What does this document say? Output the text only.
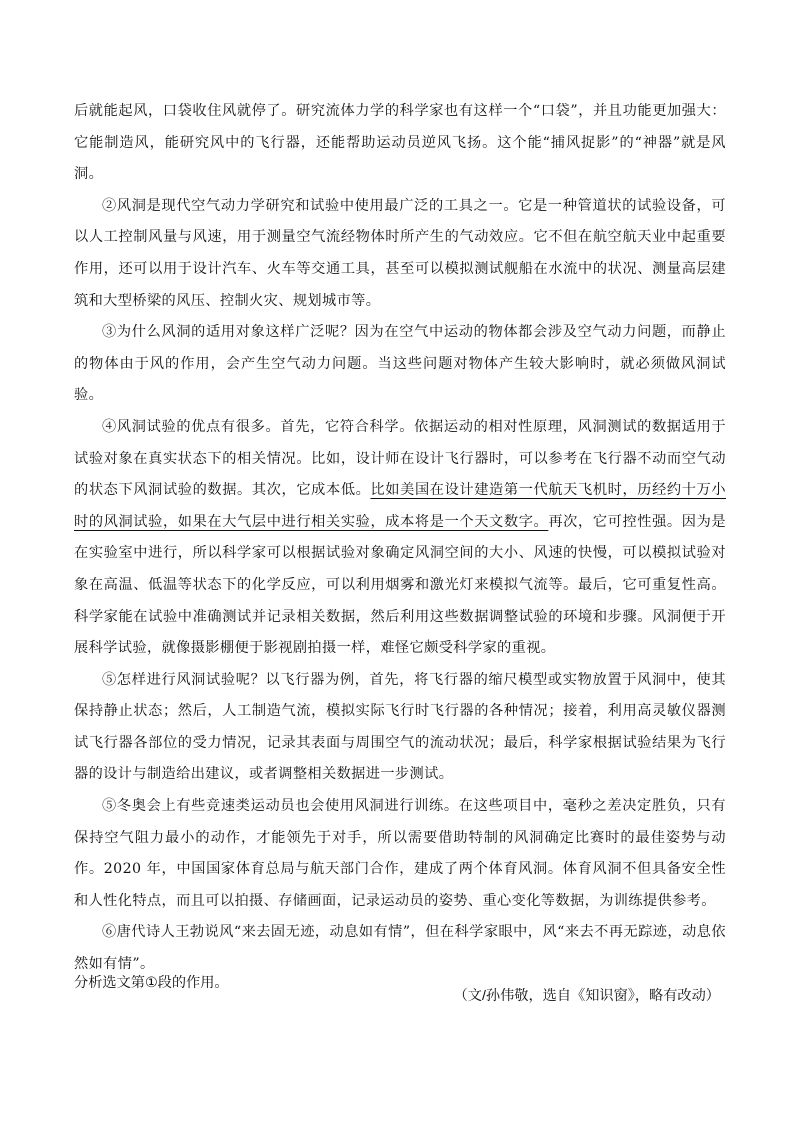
后就能起风，口袋收住风就停了。研究流体力学的科学家也有这样一个“口袋”，并且功能更加强大：它能制造风，能研究风中的飞行器，还能帮助运动员逆风飞扬。这个能“捕风捉影”的“神器”就是风洞。

②风洞是现代空气动力学研究和试验中使用最广泛的工具之一。它是一种管道状的试验设备，可以人工控制风量与风速，用于测量空气流经物体时所产生的气动效应。它不但在航空航天业中起重要作用，还可以用于设计汽车、火车等交通工具，甚至可以模拟测试舰船在水流中的状况、测量高层建筑和大型桥梁的风压、控制火灾、规划城市等。

③为什么风洞的适用对象这样广泛呢？因为在空气中运动的物体都会涉及空气动力问题，而静止的物体由于风的作用，会产生空气动力问题。当这些问题对物体产生较大影响时，就必须做风洞试验。

④风洞试验的优点有很多。首先，它符合科学。依据运动的相对性原理，风洞测试的数据适用于试验对象在真实状态下的相关情况。比如，设计师在设计飞行器时，可以参考在飞行器不动而空气动的状态下风洞试验的数据。其次，它成本低。比如美国在设计建造第一代航天飞机时，历经约十万小时的风洞试验，如果在大气层中进行相关实验，成本将是一个天文数字。再次，它可控性强。因为是在实验室中进行，所以科学家可以根据试验对象确定风洞空间的大小、风速的快慢，可以模拟试验对象在高温、低温等状态下的化学反应，可以利用烟雾和激光灯来模拟气流等。最后，它可重复性高。科学家能在试验中准确测试并记录相关数据，然后利用这些数据调整试验的环境和步骤。风洞便于开展科学试验，就像摄影棚便于影视剧拍摄一样，难怪它颇受科学家的重视。

⑤怎样进行风洞试验呢？以飞行器为例，首先，将飞行器的缩尺模型或实物放置于风洞中，使其保持静止状态；然后，人工制造气流，模拟实际飞行时飞行器的各种情况；接着，利用高灵敏仪器测试飞行器各部位的受力情况，记录其表面与周围空气的流动状况；最后，科学家根据试验结果为飞行器的设计与制造给出建议，或者调整相关数据进一步测试。

⑤冬奥会上有些竞速类运动员也会使用风洞进行训练。在这些项目中，毫秒之差决定胜负，只有保持空气阻力最小的动作，才能领先于对手，所以需要借助特制的风洞确定比赛时的最佳姿势与动作。2020 年，中国国家体育总局与航天部门合作，建成了两个体育风洞。体育风洞不但具备安全性和人性化特点，而且可以拍摄、存储画面，记录运动员的姿势、重心变化等数据，为训练提供参考。

⑥唐代诗人王勃说风“来去固无迹，动息如有情”，但在科学家眼中，风“来去不再无踪迹，动息依然如有情”。

（文/孙伟敬，选自《知识窗》，略有改动）

分析选文第①段的作用。
